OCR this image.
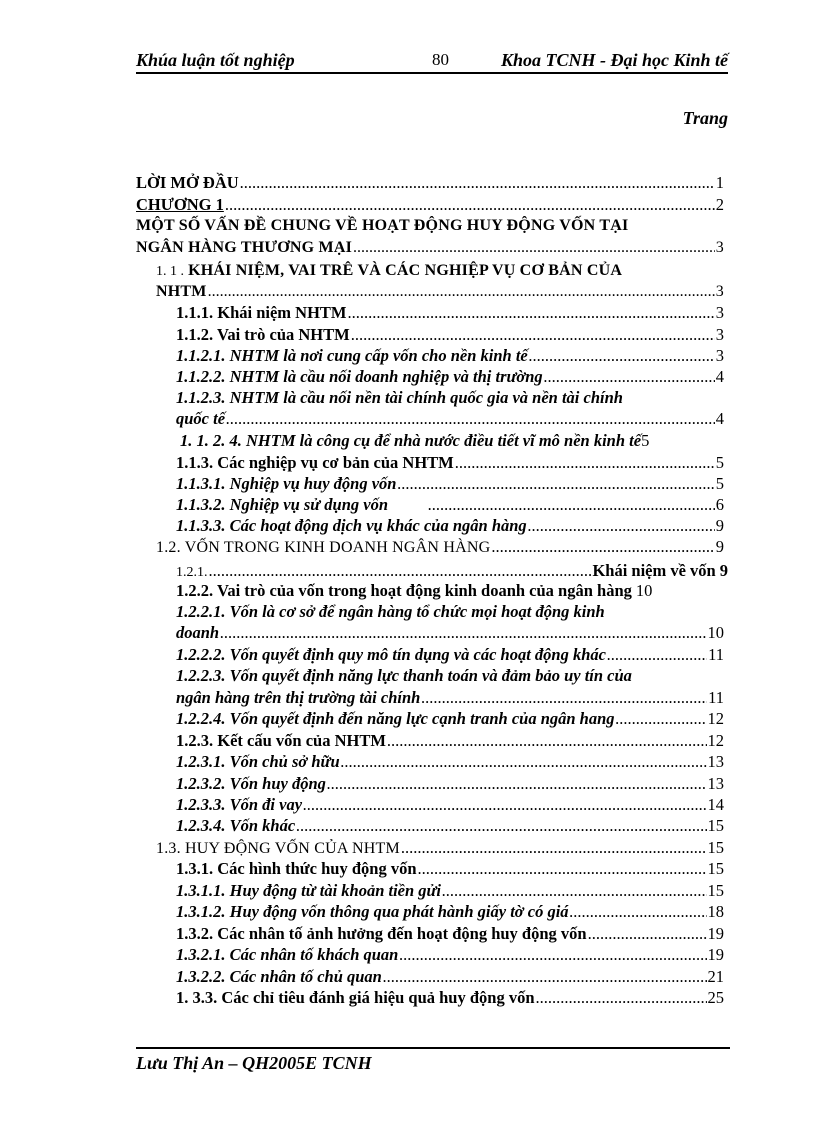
Khúa luận tốt nghiệp	80	Khoa TCNH - Đại học Kinh tế
Trang
LỜI MỞ ĐẦU .....	1
CHƯƠNG 1 .....	2
MỘT SỐ VẤN ĐỀ CHUNG VỀ HOẠT ĐỘNG HUY ĐỘNG VỐN TẠI
NGÂN HÀNG THƯƠNG MẠI .....	3
1. 1 . KHÁI NIỆM, VAI TRÊ VÀ CÁC NGHIỆP VỤ CƠ BẢN CỦA
NHTM .....	3
1.1.1. Khái niệm NHTM .....	3
1.1.2. Vai trò của NHTM .....	3
1.1.2.1. NHTM là nơi cung cấp vốn cho nền kinh tế .....	3
1.1.2.2. NHTM là cầu nối doanh nghiệp và thị trường .....	4
1.1.2.3. NHTM là cầu nối nền tài chính quốc gia và nền tài chính
quốc tế .....	4
1. 1. 2. 4. NHTM là công cụ để nhà nước điều tiết vĩ mô nền kinh tế 5
1.1.3. Các nghiệp vụ cơ bản của NHTM .....	5
1.1.3.1. Nghiệp vụ huy động vốn .....	5
1.1.3.2. Nghiệp vụ sử dụng vốn .....	6
1.1.3.3. Các hoạt động dịch vụ khác của ngân hàng .....	9
1.2. VỐN TRONG KINH DOANH NGÂN HÀNG .....	9
1.2.1. .....	Khái niệm về vốn 9
1.2.2. Vai trò của vốn trong hoạt động kinh doanh của ngân hàng 10
1.2.2.1. Vốn là cơ sở để ngân hàng tổ chức mọi hoạt động kinh
doanh .....	10
1.2.2.2. Vốn quyết định quy mô tín dụng và các hoạt động khác .....	11
1.2.2.3. Vốn quyết định năng lực thanh toán và đảm bảo uy tín của
ngân hàng trên thị trường tài chính .....	11
1.2.2.4. Vốn quyết định đến năng lực cạnh tranh của ngân hang .....	12
1.2.3. Kết cấu vốn của NHTM .....	12
1.2.3.1. Vốn chủ sở hữu .....	13
1.2.3.2. Vốn huy động .....	13
1.2.3.3. Vốn đi vay .....	14
1.2.3.4. Vốn khác .....	15
1.3. HUY ĐỘNG VỐN CỦA NHTM .....	15
1.3.1. Các hình thức huy động vốn .....	15
1.3.1.1. Huy động từ tài khoản tiền gửi .....	15
1.3.1.2. Huy động vốn thông qua phát hành giấy tờ có giá .....	18
1.3.2. Các nhân tố ảnh hưởng đến hoạt động huy động vốn .....	19
1.3.2.1. Các nhân tố khách quan .....	19
1.3.2.2. Các nhân tố chủ quan .....	21
1. 3.3. Các chỉ tiêu đánh giá hiệu quả huy động vốn .....	25
Lưu Thị An – QH2005E TCNH
